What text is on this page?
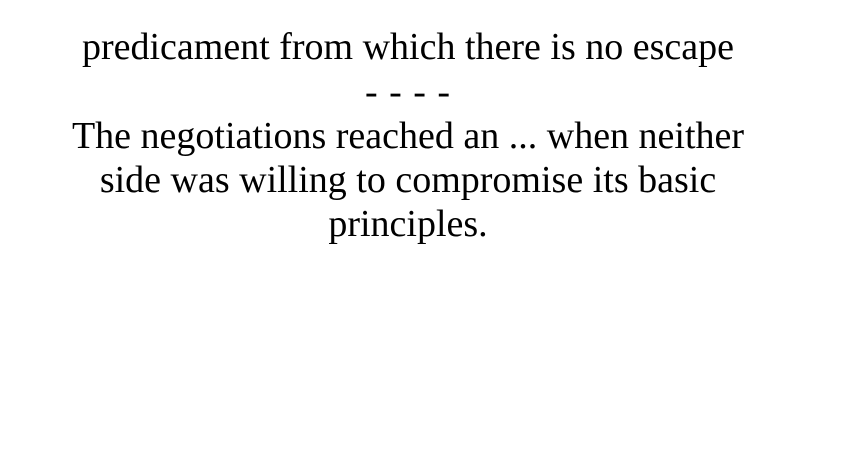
predicament from which there is no escape

- - - -

The negotiations reached an ... when neither side was willing to compromise its basic principles.
